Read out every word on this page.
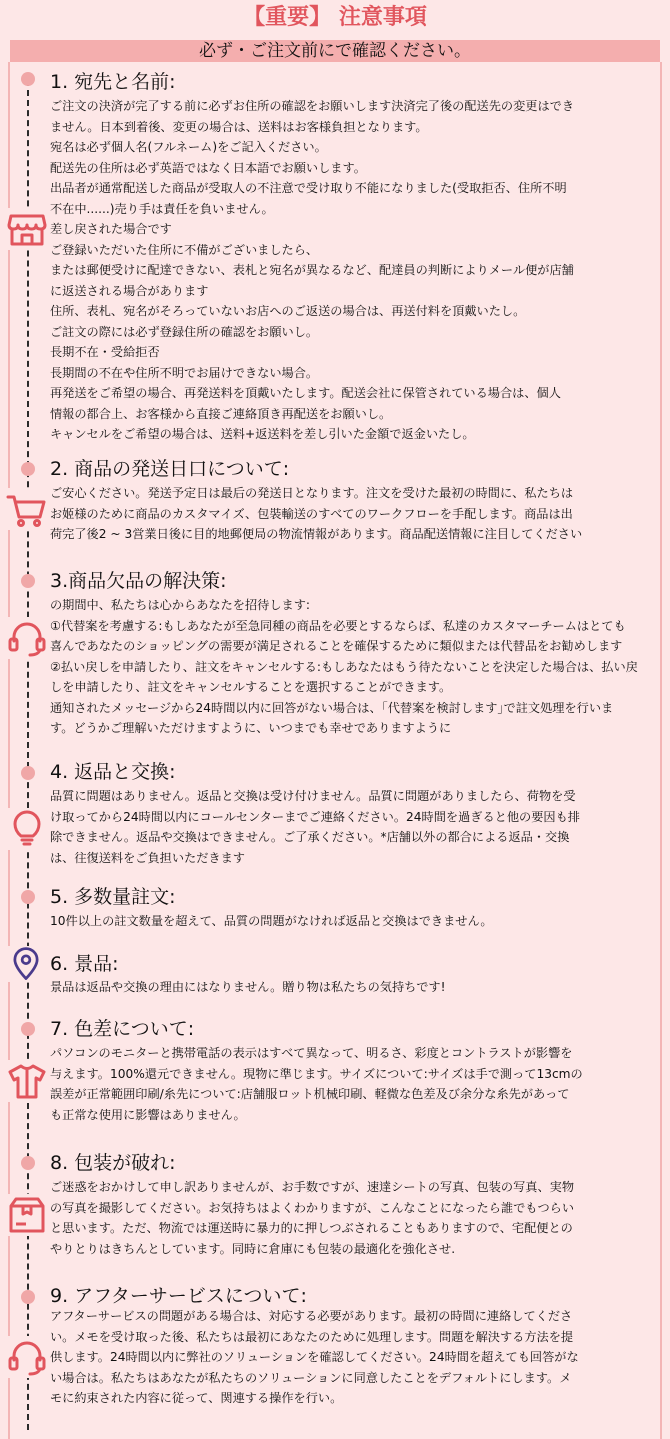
【重要】 注意事項
必ず・ご注文前にで確認ください。
1. 宛先と名前:

ご注文の決済が完了する前に必ずお住所の確認をお願いします決済完了後の配送先の変更はでき

ません。日本到着後、変更の場合は、送料はお客様負担となります。

宛名は必ず個人名(フルネーム)をご記入ください。

配送先の住所は必ず英語ではなく日本語でお願いします。

出品者が通常配送した商品が受取人の不注意で受け取り不能になりました(受取拒否、住所不明

不在中......)売り手は責任を負いません。

差し戻された場合です

ご登録いただいた住所に不備がございましたら、

または郵便受けに配達できない、表札と宛名が異なるなど、配達員の判断によりメール便が店舗

に返送される場合があります

住所、表札、宛名がそろっていないお店へのご返送の場合は、再送付料を頂戴いたし。

ご註文の際には必ず登録住所の確認をお願いし。

長期不在・受給拒否

長期間の不在や住所不明でお届けできない場合。

再発送をご希望の場合、再発送料を頂戴いたします。配送会社に保管されている場合は、個人

情報の都合上、お客様から直接ご連絡頂き再配送をお願いし。

キャンセルをご希望の場合は、送料+返送料を差し引いた金額で返金いたし。

2. 商品の発送日口について:

ご安心ください。発送予定日は最后の発送日となります。注文を受けた最初の時間に、私たちは

お姬様のために商品のカスタマイズ、包裝輸送のすべてのワークフローを手配します。商品は出

荷完了後2 ~ 3営業日後に目的地郵便局の物流情報があります。商品配送情報に注目してください

3.商品欠品の解決策:

の期間中、私たちは心からあなたを招待します:

①代替案を考慮する:もしあなたが至急同種の商品を必要とするならば、私達のカスタマーチームはとても

喜んであなたのショッピングの需要が満足されることを確保するために類似または代替品をお勧めします

②払い戻しを申請したり、註文をキャンセルする:もしあなたはもう待たないことを決定した場合は、払い戻

しを申請したり、註文をキャンセルすることを選択することができます。

通知されたメッセージから24時間以内に回答がない場合は、｢代替案を検討します｣で註文処理を行いま

す。どうかご理解いただけますように、いつまでも幸せでありますように

4. 返品と交換:

品質に問題はありません。返品と交換は受け付けません。品質に問題がありましたら、荷物を受

け取ってから24時間以内にコールセンターまでご連絡ください。24時間を過ぎると他の要因も排

除できません。返品や交換はできません。ご了承ください。*店舗以外の都合による返品・交換

は、往復送料をご負担いただきます

5. 多数量註文:

10件以上の註文数量を超えて、品質の問題がなければ返品と交換はできません。

6. 景品:

景品は返品や交換の理由にはなりません。贈り物は私たちの気持ちです!

7. 色差について:

パソコンのモニターと携帯電話の表示はすべて異なって、明るさ、彩度とコントラストが影響を

与えます。100%還元できません。現物に準じます。サイズについて:サイズは手で測って13cmの

誤差が正常範囲印刷/糸先について:店舗服ロット机械印刷、軽微な色差及び余分な糸先があって

も正常な使用に影響はありません。

8. 包装が破れ:

ご迷惑をおかけして申し訳ありませんが、お手数ですが、速達シートの写真、包装の写真、実物

の写真を撮影してください。お気持ちはよくわかりますが、こんなことになったら誰でもつらい

と思います。ただ、物流では運送時に暴力的に押しつぶされることもありますので、宅配便との

やりとりはきちんとしています。同時に倉庫にも包装の最適化を強化させ.

9. アフターサービスについて:

アフターサービスの問題がある場合は、対応する必要があります。最初の時間に連絡してくださ

い。メモを受け取った後、私たちは最初にあなたのために処理します。問題を解決する方法を提

供します。24時間以内に弊社のソリューションを確認してください。24時間を超えても回答がな

い場合は。私たちはあなたが私たちのソリューションに同意したことをデフォルトにします。メ

モに約束された内容に従って、関連する操作を行い。
